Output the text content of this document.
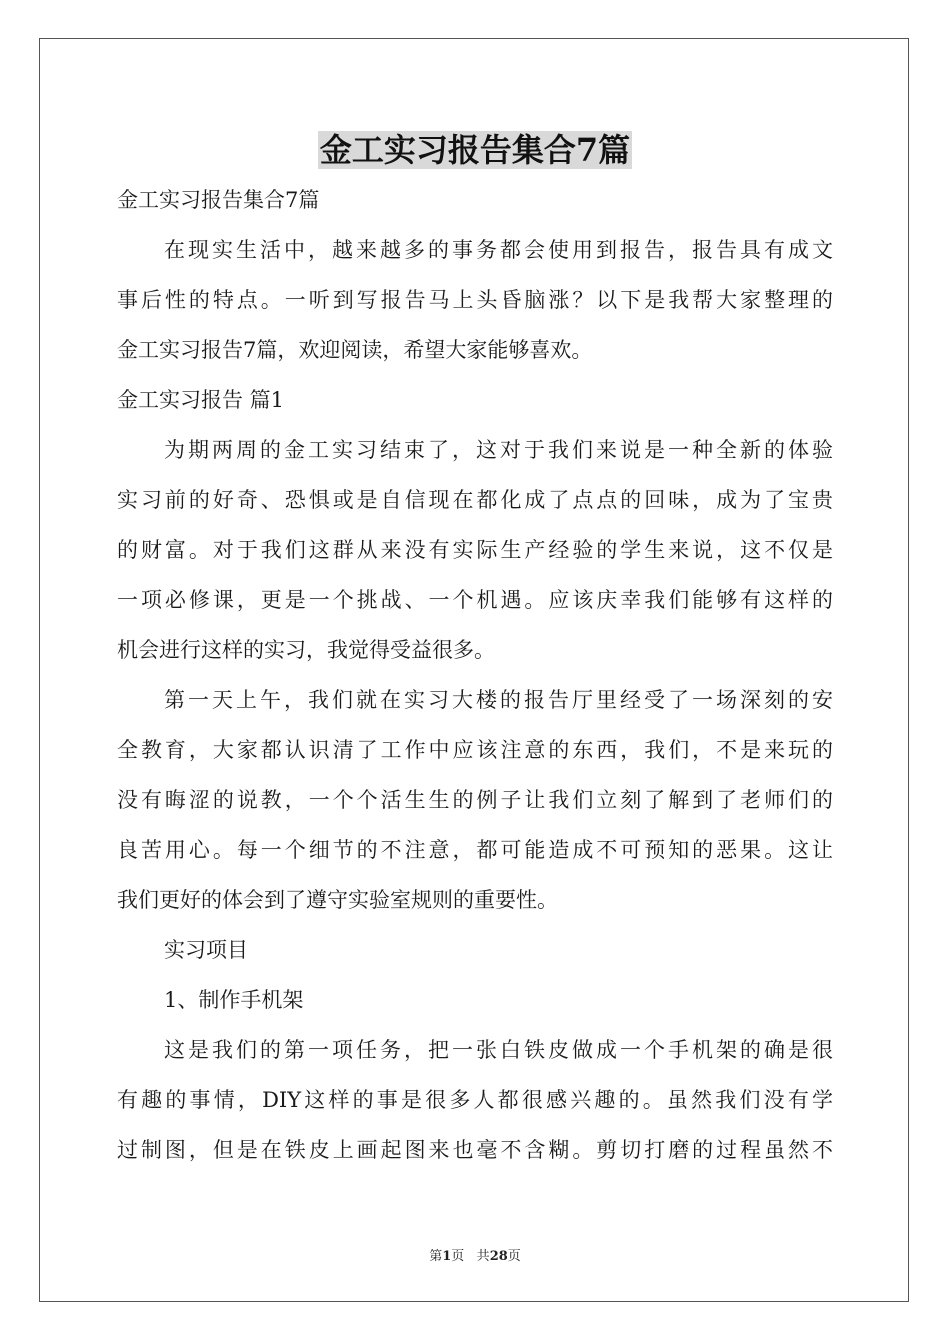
金工实习报告集合7篇

金工实习报告集合7篇

在现实生活中，越来越多的事务都会使用到报告，报告具有成文

事后性的特点。一听到写报告马上头昏脑涨？以下是我帮大家整理的

金工实习报告7篇，欢迎阅读，希望大家能够喜欢。

金工实习报告 篇1

为期两周的金工实习结束了，这对于我们来说是一种全新的体验

实习前的好奇、恐惧或是自信现在都化成了点点的回味，成为了宝贵

的财富。对于我们这群从来没有实际生产经验的学生来说，这不仅是

一项必修课，更是一个挑战、一个机遇。应该庆幸我们能够有这样的

机会进行这样的实习，我觉得受益很多。

第一天上午，我们就在实习大楼的报告厅里经受了一场深刻的安

全教育，大家都认识清了工作中应该注意的东西，我们，不是来玩的

没有晦涩的说教，一个个活生生的例子让我们立刻了解到了老师们的

良苦用心。每一个细节的不注意，都可能造成不可预知的恶果。这让

我们更好的体会到了遵守实验室规则的重要性。

实习项目

1、制作手机架

这是我们的第一项任务，把一张白铁皮做成一个手机架的确是很

有趣的事情，DIY这样的事是很多人都很感兴趣的。虽然我们没有学

过制图，但是在铁皮上画起图来也毫不含糊。剪切打磨的过程虽然不

第1页 共28页
